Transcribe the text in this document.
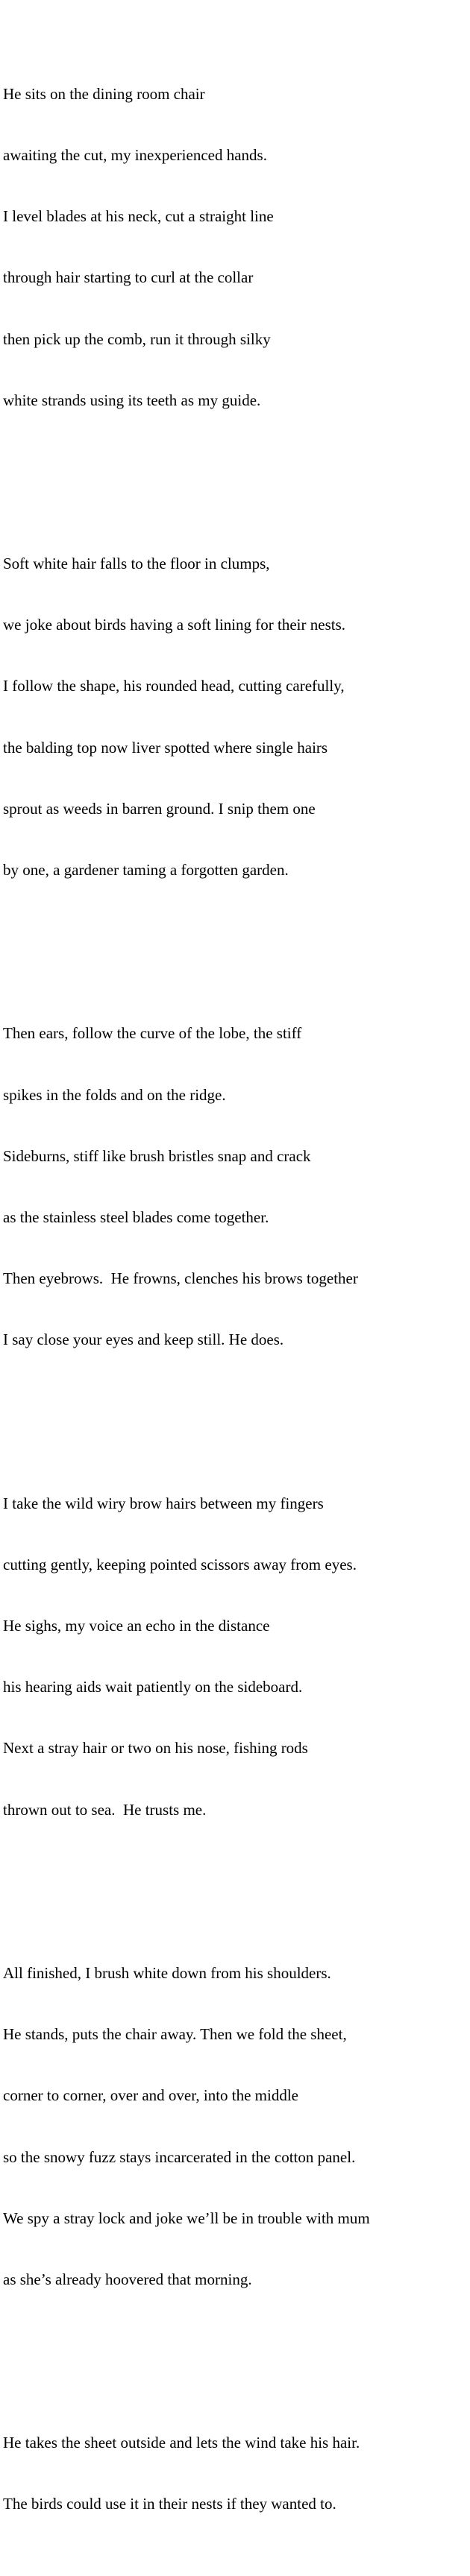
He sits on the dining room chair

awaiting the cut, my inexperienced hands.

I level blades at his neck, cut a straight line

through hair starting to curl at the collar

then pick up the comb, run it through silky

white strands using its teeth as my guide.

Soft white hair falls to the floor in clumps,

we joke about birds having a soft lining for their nests.

I follow the shape, his rounded head, cutting carefully,

the balding top now liver spotted where single hairs

sprout as weeds in barren ground. I snip them one

by one, a gardener taming a forgotten garden.

Then ears, follow the curve of the lobe, the stiff

spikes in the folds and on the ridge.

Sideburns, stiff like brush bristles snap and crack

as the stainless steel blades come together.

Then eyebrows.  He frowns, clenches his brows together

I say close your eyes and keep still. He does.

I take the wild wiry brow hairs between my fingers

cutting gently, keeping pointed scissors away from eyes.

He sighs, my voice an echo in the distance

his hearing aids wait patiently on the sideboard.

Next a stray hair or two on his nose, fishing rods

thrown out to sea.  He trusts me.

All finished, I brush white down from his shoulders.

He stands, puts the chair away. Then we fold the sheet,

corner to corner, over and over, into the middle

so the snowy fuzz stays incarcerated in the cotton panel.

We spy a stray lock and joke we’ll be in trouble with mum

as she’s already hoovered that morning.

He takes the sheet outside and lets the wind take his hair.

The birds could use it in their nests if they wanted to.
